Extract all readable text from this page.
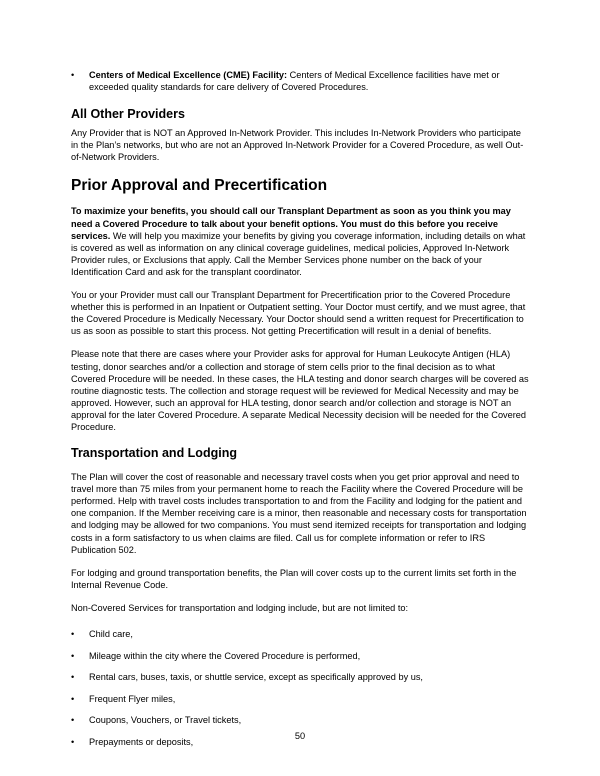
•	Centers of Medical Excellence (CME) Facility: Centers of Medical Excellence facilities have met or exceeded quality standards for care delivery of Covered Procedures.
All Other Providers

Any Provider that is NOT an Approved In-Network Provider. This includes In-Network Providers who participate in the Plan’s networks, but who are not an Approved In-Network Provider for a Covered Procedure, as well Out-of-Network Providers.

Prior Approval and Precertification

To maximize your benefits, you should call our Transplant Department as soon as you think you may need a Covered Procedure to talk about your benefit options. You must do this before you receive services. We will help you maximize your benefits by giving you coverage information, including details on what is covered as well as information on any clinical coverage guidelines, medical policies, Approved In-Network Provider rules, or Exclusions that apply. Call the Member Services phone number on the back of your Identification Card and ask for the transplant coordinator.

You or your Provider must call our Transplant Department for Precertification prior to the Covered Procedure whether this is performed in an Inpatient or Outpatient setting. Your Doctor must certify, and we must agree, that the Covered Procedure is Medically Necessary. Your Doctor should send a written request for Precertification to us as soon as possible to start this process. Not getting Precertification will result in a denial of benefits.

Please note that there are cases where your Provider asks for approval for Human Leukocyte Antigen (HLA) testing, donor searches and/or a collection and storage of stem cells prior to the final decision as to what Covered Procedure will be needed. In these cases, the HLA testing and donor search charges will be covered as routine diagnostic tests. The collection and storage request will be reviewed for Medical Necessity and may be approved. However, such an approval for HLA testing, donor search and/or collection and storage is NOT an approval for the later Covered Procedure. A separate Medical Necessity decision will be needed for the Covered Procedure.

Transportation and Lodging

The Plan will cover the cost of reasonable and necessary travel costs when you get prior approval and need to travel more than 75 miles from your permanent home to reach the Facility where the Covered Procedure will be performed. Help with travel costs includes transportation to and from the Facility and lodging for the patient and one companion. If the Member receiving care is a minor, then reasonable and necessary costs for transportation and lodging may be allowed for two companions. You must send itemized receipts for transportation and lodging costs in a form satisfactory to us when claims are filed. Call us for complete information or refer to IRS Publication 502.

For lodging and ground transportation benefits, the Plan will cover costs up to the current limits set forth in the Internal Revenue Code.

Non-Covered Services for transportation and lodging include, but are not limited to:

•	Child care,
•	Mileage within the city where the Covered Procedure is performed,
•	Rental cars, buses, taxis, or shuttle service, except as specifically approved by us,
•	Frequent Flyer miles,
•	Coupons, Vouchers, or Travel tickets,
•	Prepayments or deposits,
50
